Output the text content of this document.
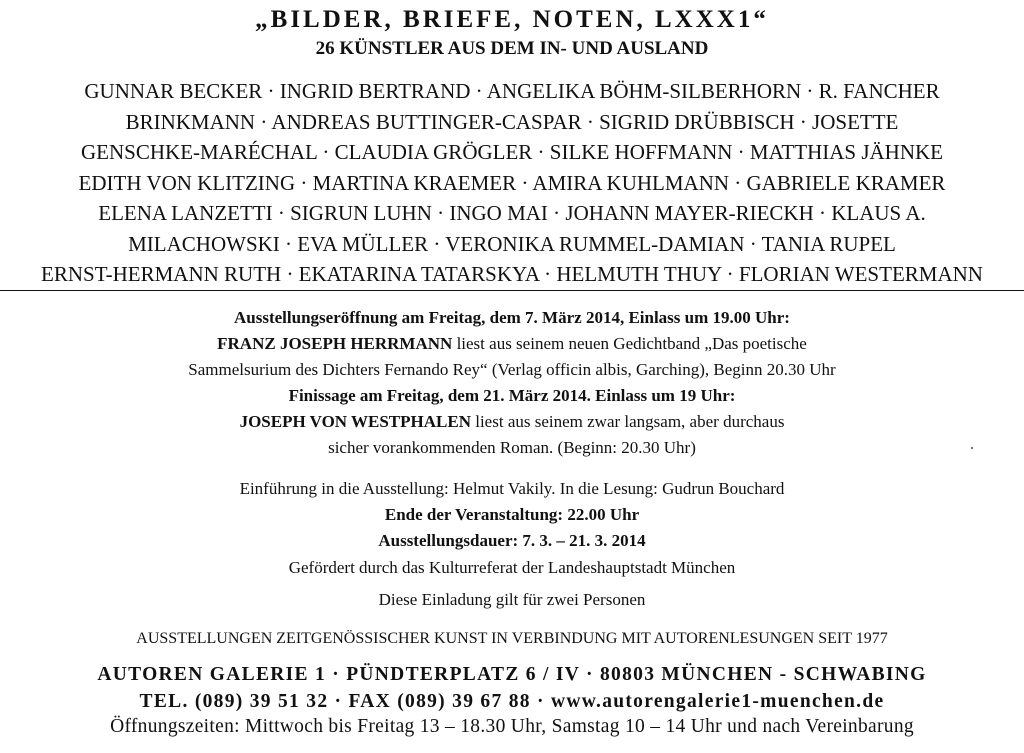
„BILDER, BRIEFE, NOTEN, LXXX1“
26 KÜNSTLER AUS DEM IN- UND AUSLAND
GUNNAR BECKER · INGRID BERTRAND · ANGELIKA BÖHM-SILBERHORN · R. FANCHER
BRINKMANN · ANDREAS BUTTINGER-CASPAR · SIGRID DRÜBBISCH · JOSETTE
GENSCHKE-MARÉCHAL · CLAUDIA GRÖGLER · SILKE HOFFMANN · MATTHIAS JÄHNKE
EDITH VON KLITZING · MARTINA KRAEMER · AMIRA KUHLMANN · GABRIELE KRAMER
ELENA LANZETTI · SIGRUN LUHN · INGO MAI · JOHANN MAYER-RIECKH · KLAUS A.
MILACHOWSKI · EVA MÜLLER · VERONIKA RUMMEL-DAMIAN · TANIA RUPEL
ERNST-HERMANN RUTH · EKATARINA TATARSKYA · HELMUTH THUY · FLORIAN WESTERMANN
Ausstellungseröffnung am Freitag, dem 7. März 2014, Einlass um 19.00 Uhr:
FRANZ JOSEPH HERRMANN liest aus seinem neuen Gedichtband „Das poetische
Sammelsurium des Dichters Fernando Rey“ (Verlag officin albis, Garching), Beginn 20.30 Uhr
Finissage am Freitag, dem 21. März 2014. Einlass um 19 Uhr:
JOSEPH VON WESTPHALEN liest aus seinem zwar langsam, aber durchaus
sicher vorankommenden Roman. (Beginn: 20.30 Uhr)
Einführung in die Ausstellung: Helmut Vakily. In die Lesung: Gudrun Bouchard
Ende der Veranstaltung: 22.00 Uhr
Ausstellungsdauer: 7. 3. – 21. 3. 2014
Gefördert durch das Kulturreferat der Landeshauptstadt München
Diese Einladung gilt für zwei Personen
AUSSTELLUNGEN ZEITGENÖSSISCHER KUNST IN VERBINDUNG MIT AUTORENLESUNGEN SEIT 1977
AUTOREN GALERIE 1 · PÜNDTERPLATZ 6 / IV · 80803 MÜNCHEN - SCHWABING
TEL. (089) 39 51 32 · FAX (089) 39 67 88 · www.autorengalerie1-muenchen.de
Öffnungszeiten: Mittwoch bis Freitag 13 – 18.30 Uhr, Samstag 10 – 14 Uhr und nach Vereinbarung
